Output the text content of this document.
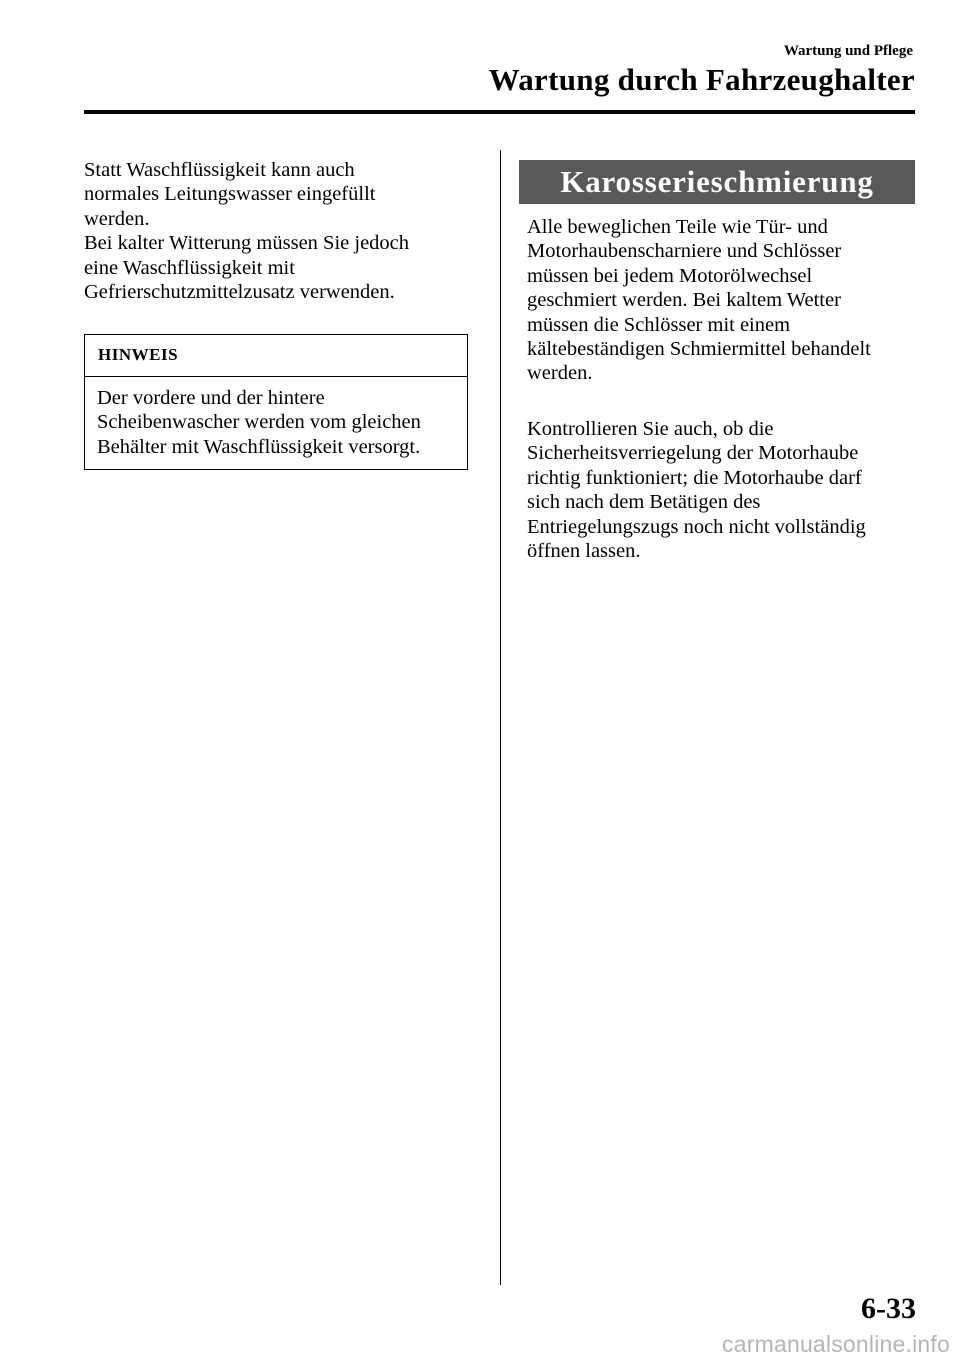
Wartung und Pflege
Wartung durch Fahrzeughalter

Statt Waschflüssigkeit kann auch
normales Leitungswasser eingefüllt
werden.
Bei kalter Witterung müssen Sie jedoch
eine Waschflüssigkeit mit
Gefrierschutzmittelzusatz verwenden.

HINWEIS
Der vordere und der hintere
Scheibenwascher werden vom gleichen
Behälter mit Waschflüssigkeit versorgt.
Karosserieschmierung

Alle beweglichen Teile wie Tür- und
Motorhaubenscharniere und Schlösser
müssen bei jedem Motorölwechsel
geschmiert werden. Bei kaltem Wetter
müssen die Schlösser mit einem
kältebeständigen Schmiermittel behandelt
werden.

Kontrollieren Sie auch, ob die
Sicherheitsverriegelung der Motorhaube
richtig funktioniert; die Motorhaube darf
sich nach dem Betätigen des
Entriegelungszugs noch nicht vollständig
öffnen lassen.

6-33
carmanualsonline.info
